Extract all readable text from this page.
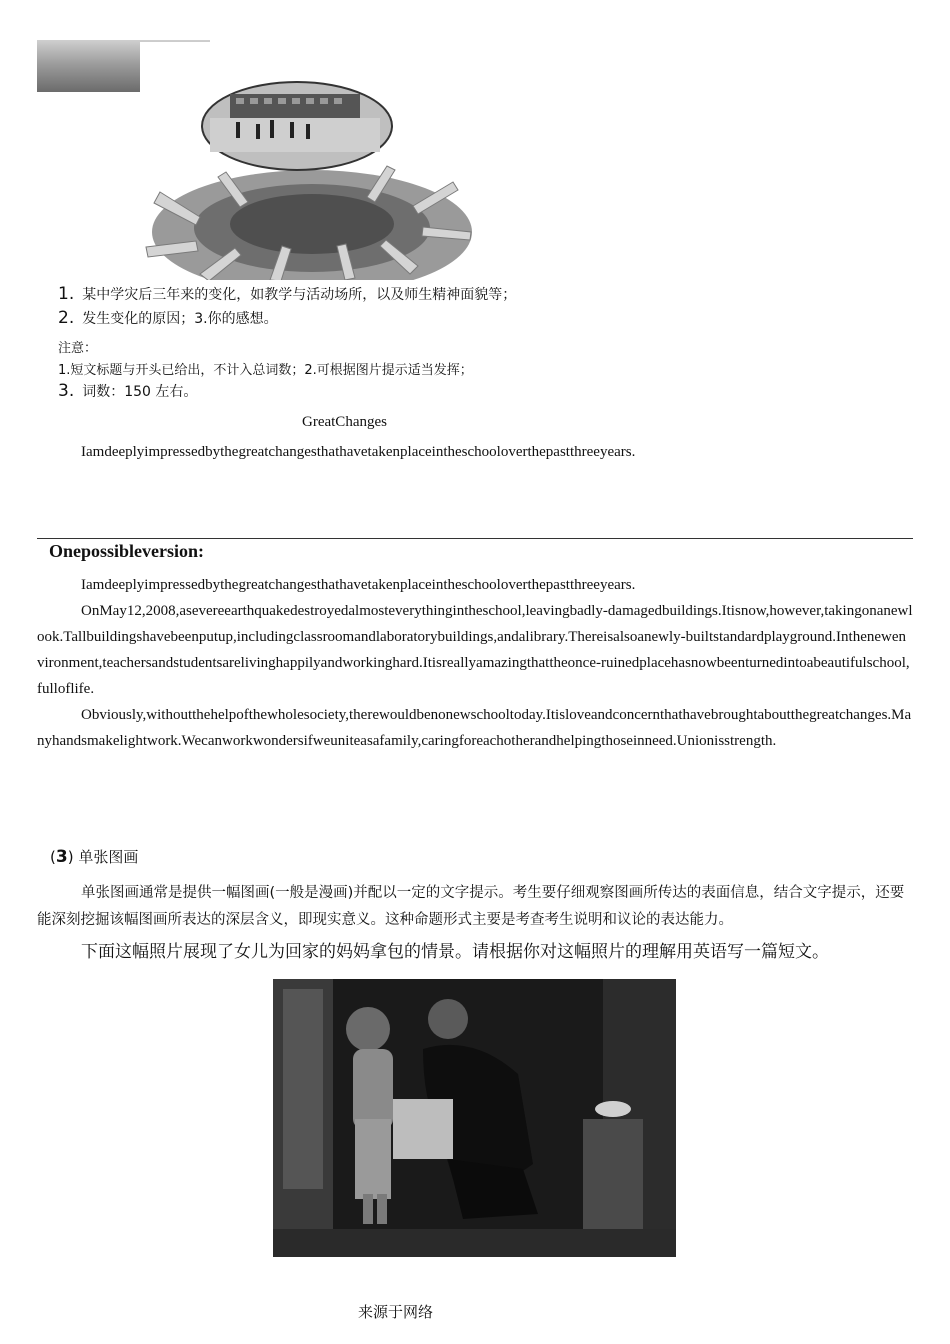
1. 某中学灾后三年来的变化，如教学与活动场所，以及师生精神面貌等；
2. 发生变化的原因；3.你的感想。
注意：
1.短文标题与开头已给出，不计入总词数；2.可根据图片提示适当发挥；
3. 词数：150 左右。
GreatChanges
Iamdeeplyimpressedbythegreatchangesthathavetakenplaceintheschooloverthepastthreeyears.
Onepossibleversion:

Iamdeeplyimpressedbythegreatchangesthathavetakenplaceintheschooloverthepastthreeyears.

OnMay12,2008,asevereearthquakedestroyedalmosteverythingintheschool,leavingbadly-damagedbuildings.Itisnow,however,takingonanewlook.Tallbuildingshavebeenputup,includingclassroomandlaboratorybuildings,andalibrary.Thereisalsoanewly-builtstandardplayground.Inthenewenvironment,teachersandstudentsarelivinghappilyandworkinghard.Itisreallyamazingthattheonce-ruinedplacehasnowbeenturnedintoabeautifulschool,fulloflife.

Obviously,withoutthehelpofthewholesociety,therewouldbenonewschooltoday.Itisloveandconcernthathavebroughtaboutthegreatchanges.Manyhandsmakelightwork.Wecanworkwondersifweuniteasafamily,caringforeachotherandhelpingthoseinneed.Unionisstrength.

(3) 单张图画
单张图画通常是提供一幅图画(一般是漫画)并配以一定的文字提示。考生要仔细观察图画所传达的表面信息，结合文字提示，还要能深刻挖掘该幅图画所表达的深层含义，即现实意义。这种命题形式主要是考查考生说明和议论的表达能力。
下面这幅照片展现了女儿为回家的妈妈拿包的情景。请根据你对这幅照片的理解用英语写一篇短文。
来源于网络
